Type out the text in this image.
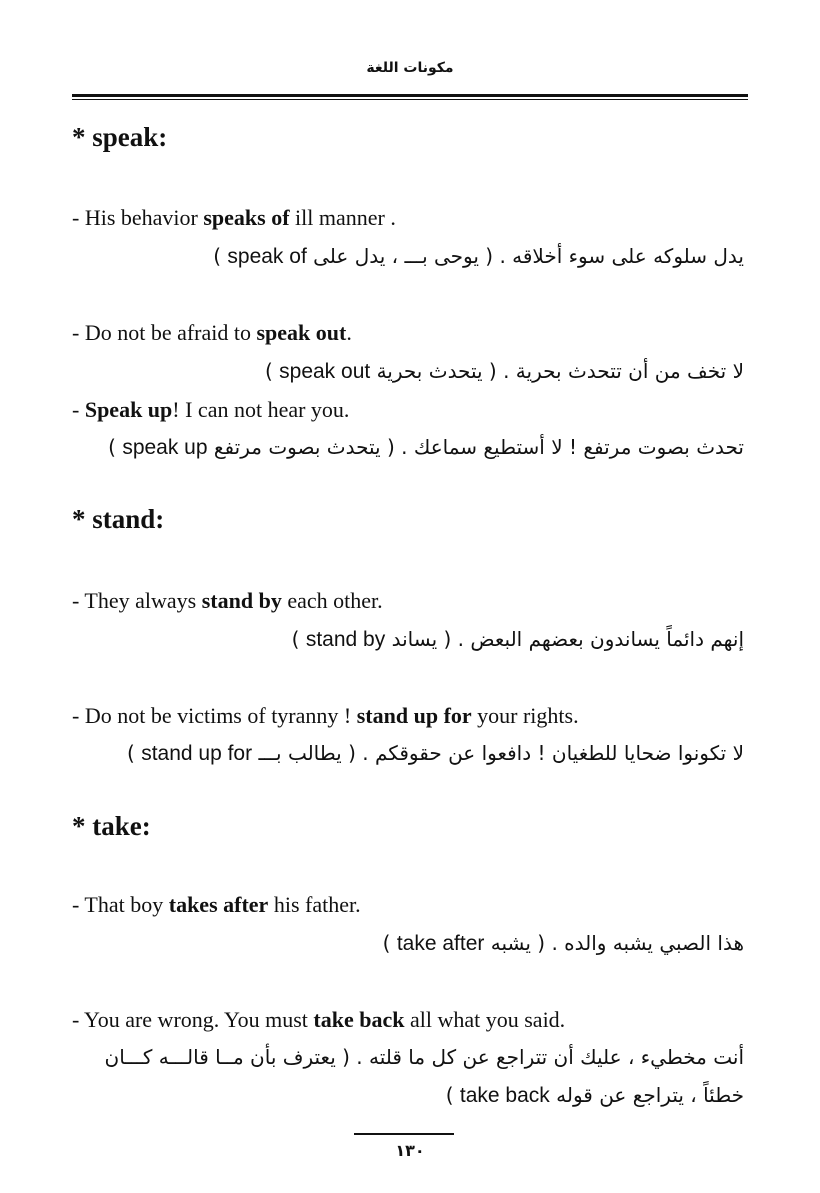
مكونات اللغة
* speak:
- His behavior speaks of ill manner .
يدل سلوكه على سوء أخلاقه . ( يوحى بـــ ، يدل على speak of )
- Do not be afraid to speak out.
لا تخف من أن تتحدث بحرية . ( يتحدث بحرية speak out )
- Speak up! I can not hear you.
تحدث بصوت مرتفع ! لا أستطيع سماعك . ( يتحدث بصوت مرتفع speak up )
* stand:
- They always stand by each other.
إنهم دائماً يساندون بعضهم البعض . ( يساند stand by )
- Do not be victims of tyranny ! stand up for your rights.
لا تكونوا ضحايا للطغيان ! دافعوا عن حقوقكم . ( يطالب بـــ stand up for )
* take:
- That boy takes after his father.
هذا الصبي يشبه والده . ( يشبه take after )
- You are wrong. You must take back all what you said.
أنت مخطيء ، عليك أن تتراجع عن كل ما قلته . ( يعترف بأن مــا قالـــه كـــان
خطئاً ، يتراجع عن قوله take back )
١٣٠
